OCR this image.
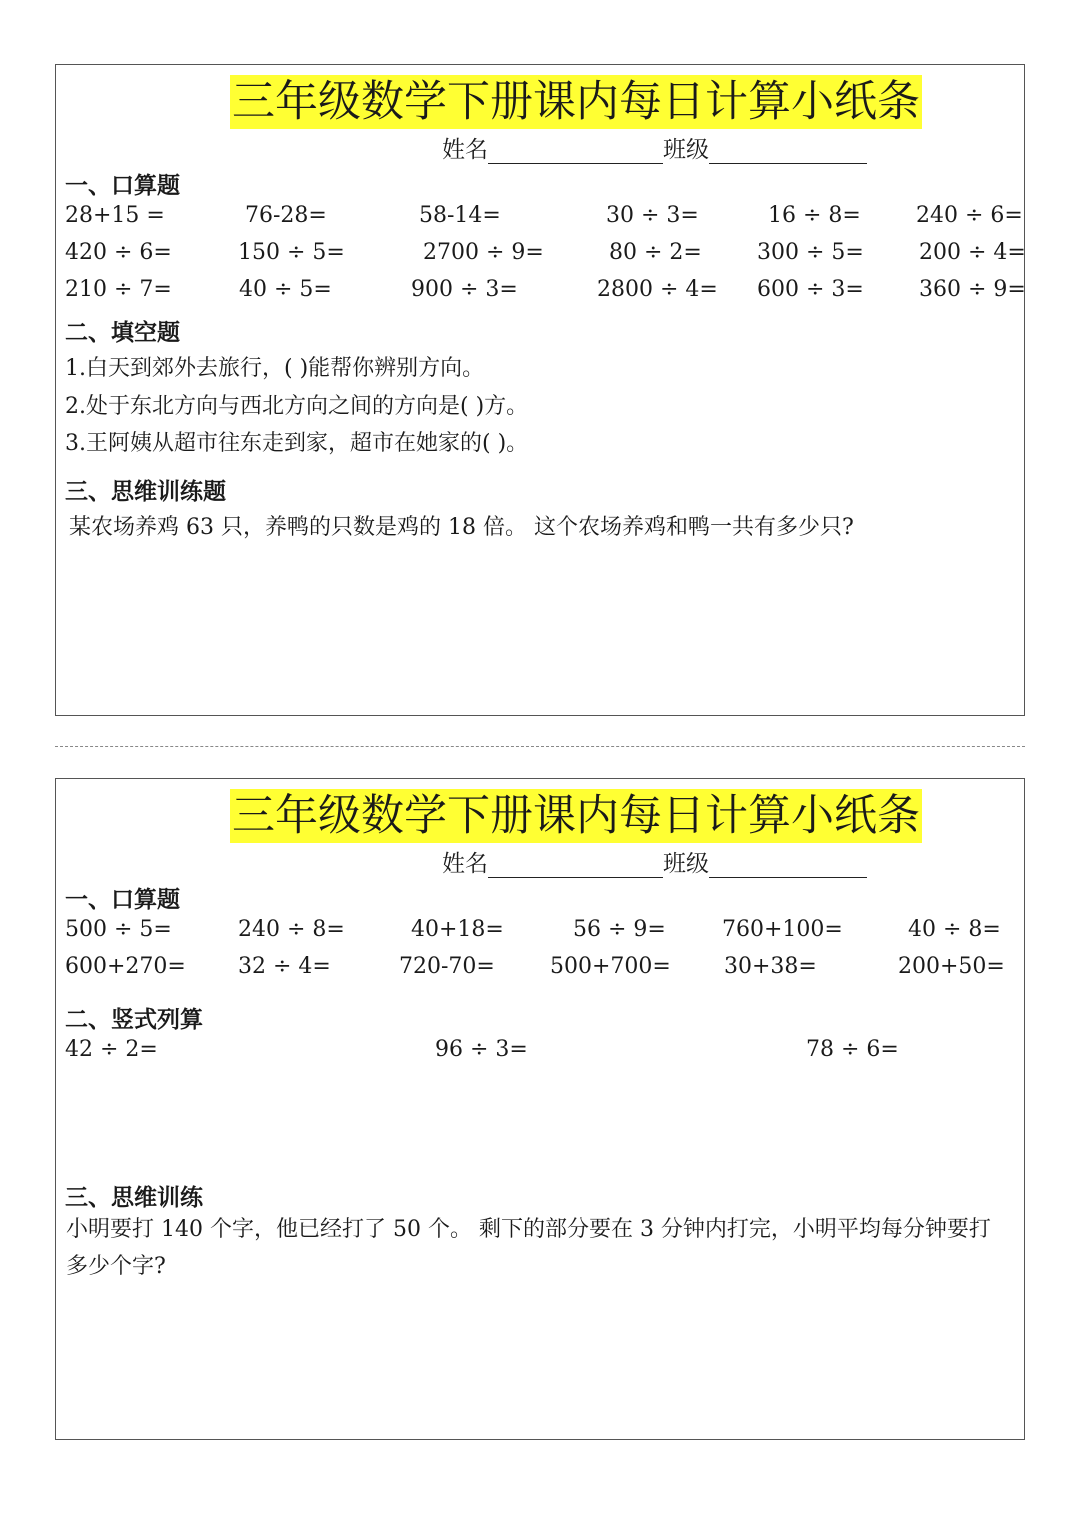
三年级数学下册课内每日计算小纸条
姓名	班级
一、口算题
28+15 =	76-28=	58-14=	30 ÷ 3=	16 ÷ 8=	240 ÷ 6=
420 ÷ 6=	150 ÷ 5=	2700 ÷ 9=	80 ÷ 2=	300 ÷ 5=	200 ÷ 4=
210 ÷ 7=	40 ÷ 5=	900 ÷ 3=	2800 ÷ 4= 600 ÷ 3=	360 ÷ 9=
二、填空题
1.白天到郊外去旅行，( )能帮你辨别方向。
2.处于东北方向与西北方向之间的方向是( )方。
3.王阿姨从超市往东走到家，超市在她家的( )。
三、思维训练题
某农场养鸡 63 只，养鸭的只数是鸡的 18 倍。 这个农场养鸡和鸭一共有多少只?
三年级数学下册课内每日计算小纸条
姓名	班级
一、口算题
500 ÷ 5=	240 ÷ 8=	40+18=	56 ÷ 9=	760+100=	40 ÷ 8=
600+270= 32 ÷ 4=	720-70=	500+700= 30+38=	200+50=
二、竖式列算
42 ÷ 2=	96 ÷ 3=	78 ÷ 6=
三、思维训练
小明要打 140 个字，他已经打了 50 个。 剩下的部分要在 3 分钟内打完，小明平均每分钟要打多少个字?
